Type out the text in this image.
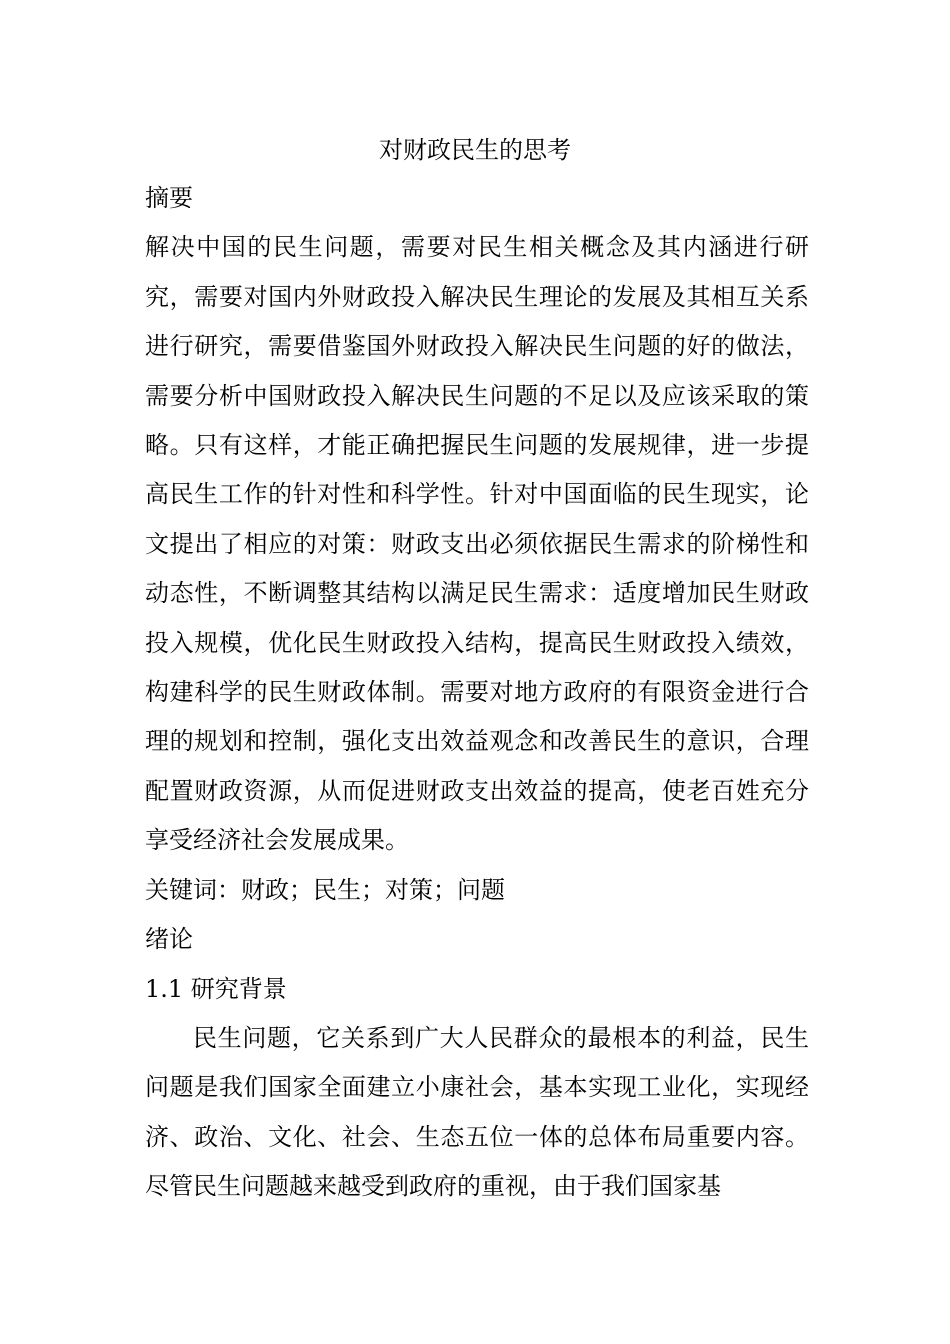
对财政民生的思考

摘要

解决中国的民生问题，需要对民生相关概念及其内涵进行研究，需要对国内外财政投入解决民生理论的发展及其相互关系进行研究，需要借鉴国外财政投入解决民生问题的好的做法，需要分析中国财政投入解决民生问题的不足以及应该采取的策略。只有这样，才能正确把握民生问题的发展规律，进一步提高民生工作的针对性和科学性。针对中国面临的民生现实，论文提出了相应的对策：财政支出必须依据民生需求的阶梯性和动态性，不断调整其结构以满足民生需求：适度增加民生财政投入规模，优化民生财政投入结构，提高民生财政投入绩效，构建科学的民生财政体制。需要对地方政府的有限资金进行合理的规划和控制，强化支出效益观念和改善民生的意识，合理配置财政资源，从而促进财政支出效益的提高，使老百姓充分享受经济社会发展成果。

关键词：财政；民生；对策；问题

绪论

1.1 研究背景

民生问题，它关系到广大人民群众的最根本的利益，民生问题是我们国家全面建立小康社会，基本实现工业化，实现经济、政治、文化、社会、生态五位一体的总体布局重要内容。尽管民生问题越来越受到政府的重视，由于我们国家基
